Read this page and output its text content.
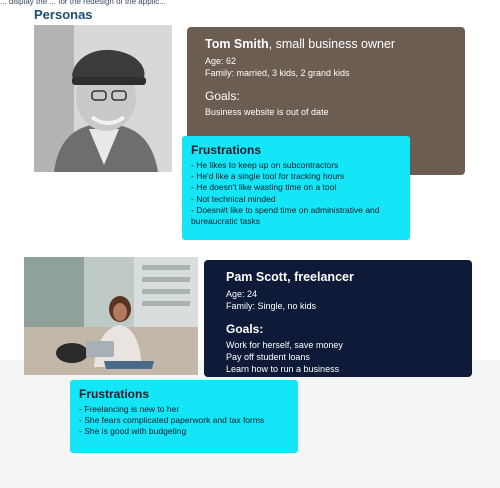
... display the ... for the redesign of the applic...
Personas

Tom Smith, small business owner

Age: 62

Family: married, 3 kids, 2 grand kids

Goals:

Business website is out of date
Frustrations
- He likes to keep up on subcontractors
- He'd like a single tool for tracking hours
- He doesn't like wasting time on a tool
- Not technical minded
- Doesn#t like to spend time on administrative and
bureaucratic tasks

Pam Scott, freelancer

Age: 24

Family: Single, no kids

Goals:

Work for herself, save money
Pay off student loans
Learn how to run a business
Frustrations
- Freelancing is new to her
- She fears complicated paperwork and tax forms
- She is good with budgeting
